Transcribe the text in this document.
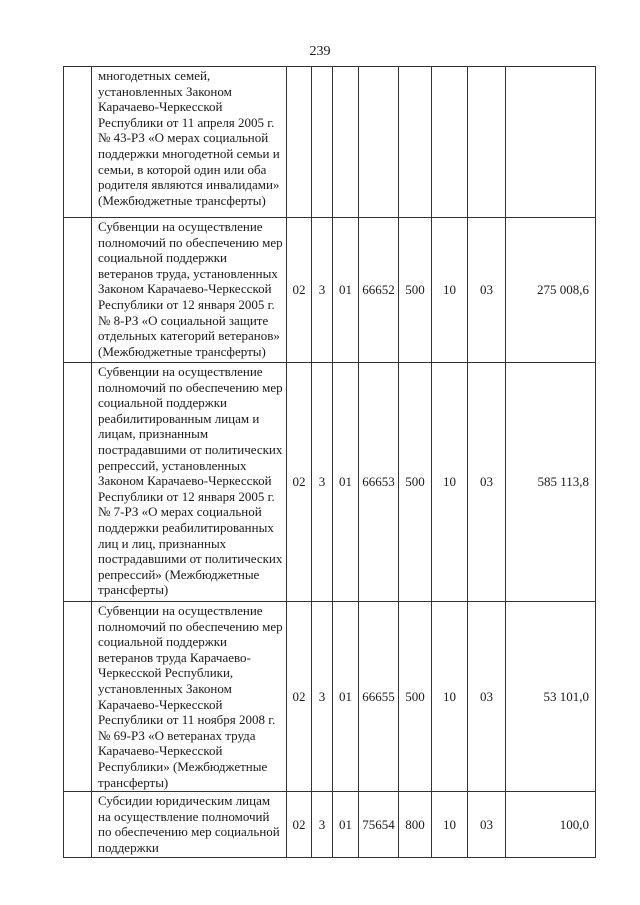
239

	многодетных семей, установленных Законом Карачаево-Черкесской Республики от 11 апреля 2005 г. № 43-РЗ «О мерах социальной поддержки многодетной семьи и семьи, в которой один или оба родителя являются инвалидами» (Межбюджетные трансферты)								

	Субвенции на осуществление полномочий по обеспечению мер социальной поддержки ветеранов труда, установленных Законом Карачаево-Черкесской Республики от 12 января 2005 г. № 8-РЗ «О социальной защите отдельных категорий ветеранов» (Межбюджетные трансферты)	02	3	01	66652	500	10	03	275 008,6

	Субвенции на осуществление полномочий по обеспечению мер социальной поддержки реабилитированным лицам и лицам, признанным пострадавшими от политических репрессий, установленных Законом Карачаево-Черкесской Республики от 12 января 2005 г. № 7-РЗ «О мерах социальной поддержки реабилитированных лиц и лиц, признанных пострадавшими от политических репрессий» (Межбюджетные трансферты)	02	3	01	66653	500	10	03	585 113,8

	Субвенции на осуществление полномочий по обеспечению мер социальной поддержки ветеранов труда Карачаево-Черкесской Республики, установленных Законом Карачаево-Черкесской Республики от 11 ноября 2008 г. № 69-РЗ «О ветеранах труда Карачаево-Черкесской Республики» (Межбюджетные трансферты)	02	3	01	66655	500	10	03	53 101,0

	Субсидии юридическим лицам на осуществление полномочий по обеспечению мер социальной поддержки	02	3	01	75654	800	10	03	100,0
